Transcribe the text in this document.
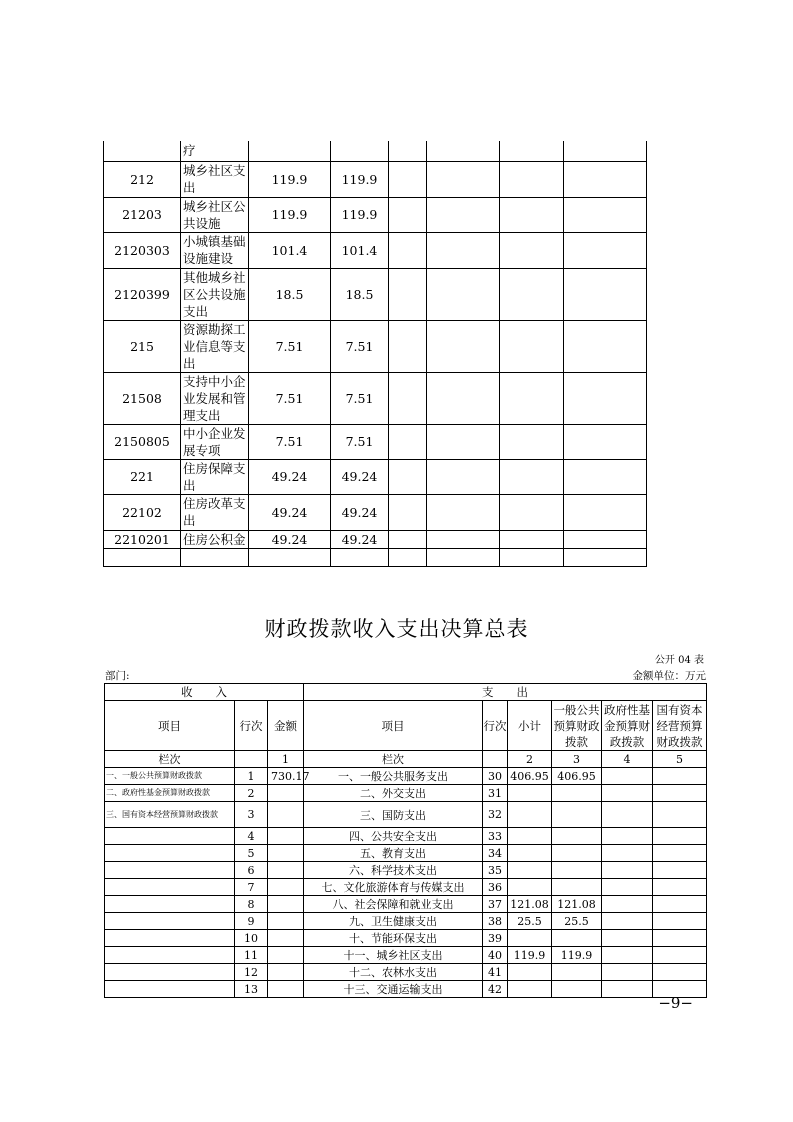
	疗						
212	城乡社区支出	119.9	119.9				
21203	城乡社区公共设施	119.9	119.9				
2120303	小城镇基础设施建设	101.4	101.4				
2120399	其他城乡社区公共设施支出	18.5	18.5				
215	资源勘探工业信息等支出	7.51	7.51				
21508	支持中小企业发展和管理支出	7.51	7.51				
2150805	中小企业发展专项	7.51	7.51				
221	住房保障支出	49.24	49.24				
22102	住房改革支出	49.24	49.24				
2210201	住房公积金	49.24	49.24				

财政拨款收入支出决算总表
公开 04 表
部门:	金额单位：万元
收　　入			支　　出					
项目	行次	金额	项目	行次	小计	一般公共预算财政拨款	政府性基金预算财政拨款	国有资本经营预算财政拨款
栏次		1	栏次		2	3	4	5
一、一般公共预算财政拨款	1	730.17	一、一般公共服务支出	30	406.95	406.95		
二、政府性基金预算财政拨款	2		二、外交支出	31				
三、国有资本经营预算财政拨款	3		三、国防支出	32				
	4		四、公共安全支出	33				
	5		五、教育支出	34				
	6		六、科学技术支出	35				
	7		七、文化旅游体育与传媒支出	36				
	8		八、社会保障和就业支出	37	121.08	121.08		
	9		九、卫生健康支出	38	25.5	25.5		
	10		十、节能环保支出	39				
	11		十一、城乡社区支出	40	119.9	119.9		
	12		十二、农林水支出	41				
	13		十三、交通运输支出	42				
−9−
